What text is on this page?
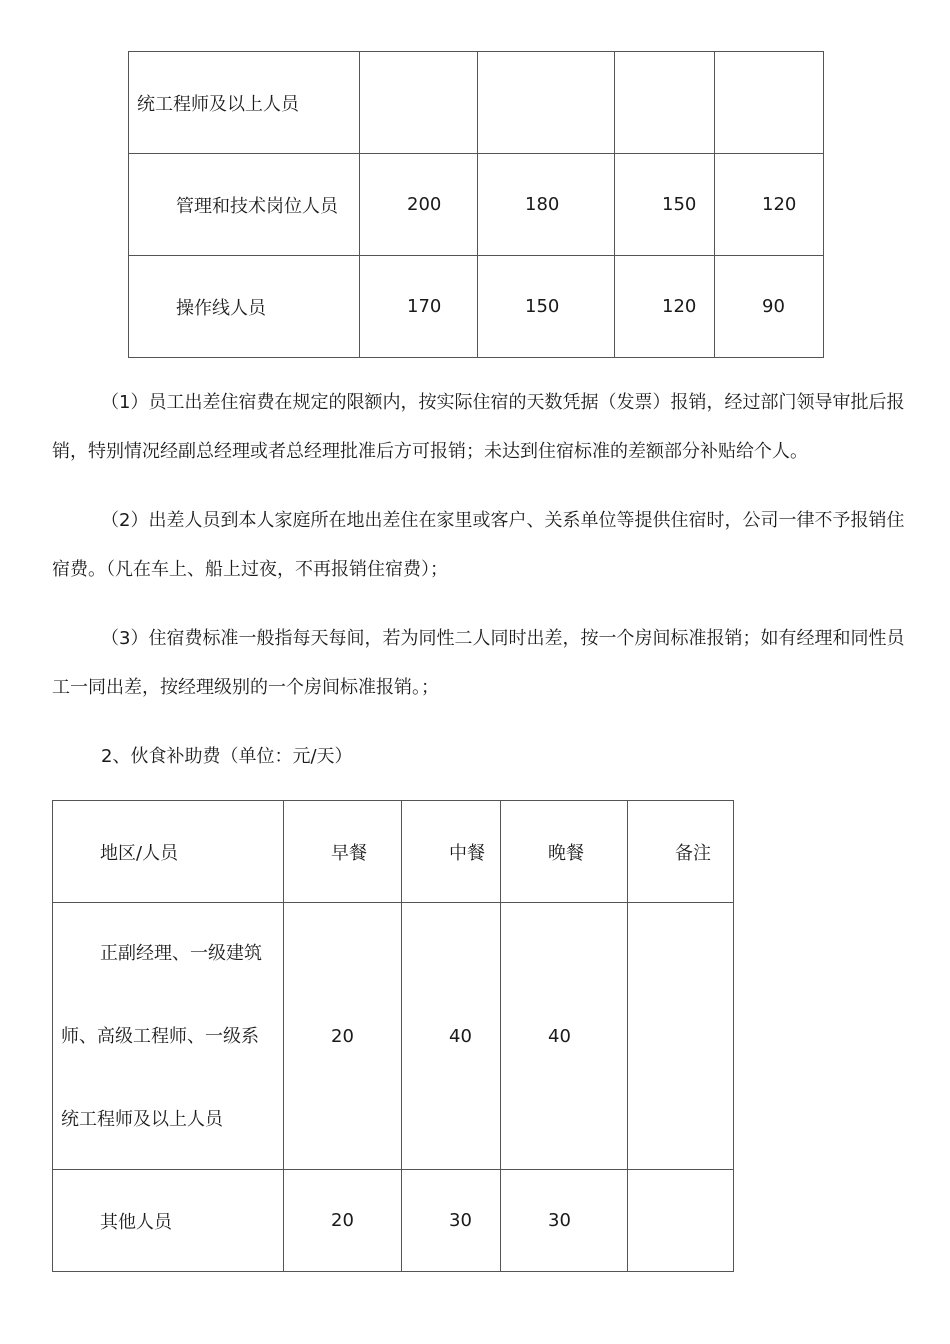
统工程师及以上人员				
管理和技术岗位人员	200	180	150	120
操作线人员	170	150	120	90

（1）员工出差住宿费在规定的限额内，按实际住宿的天数凭据（发票）报销，经过部门领导审批后报销，特别情况经副总经理或者总经理批准后方可报销；未达到住宿标准的差额部分补贴给个人。

（2）出差人员到本人家庭所在地出差住在家里或客户、关系单位等提供住宿时，公司一律不予报销住宿费。（凡在车上、船上过夜，不再报销住宿费）；

（3）住宿费标准一般指每天每间，若为同性二人同时出差，按一个房间标准报销；如有经理和同性员工一同出差，按经理级别的一个房间标准报销。；

2、伙食补助费（单位：元/天）

地区/人员	早餐	中餐	晚餐	备注
正副经理、一级建筑师、高级工程师、一级系统工程师及以上人员	20	40	40	
其他人员	20	30	30	
